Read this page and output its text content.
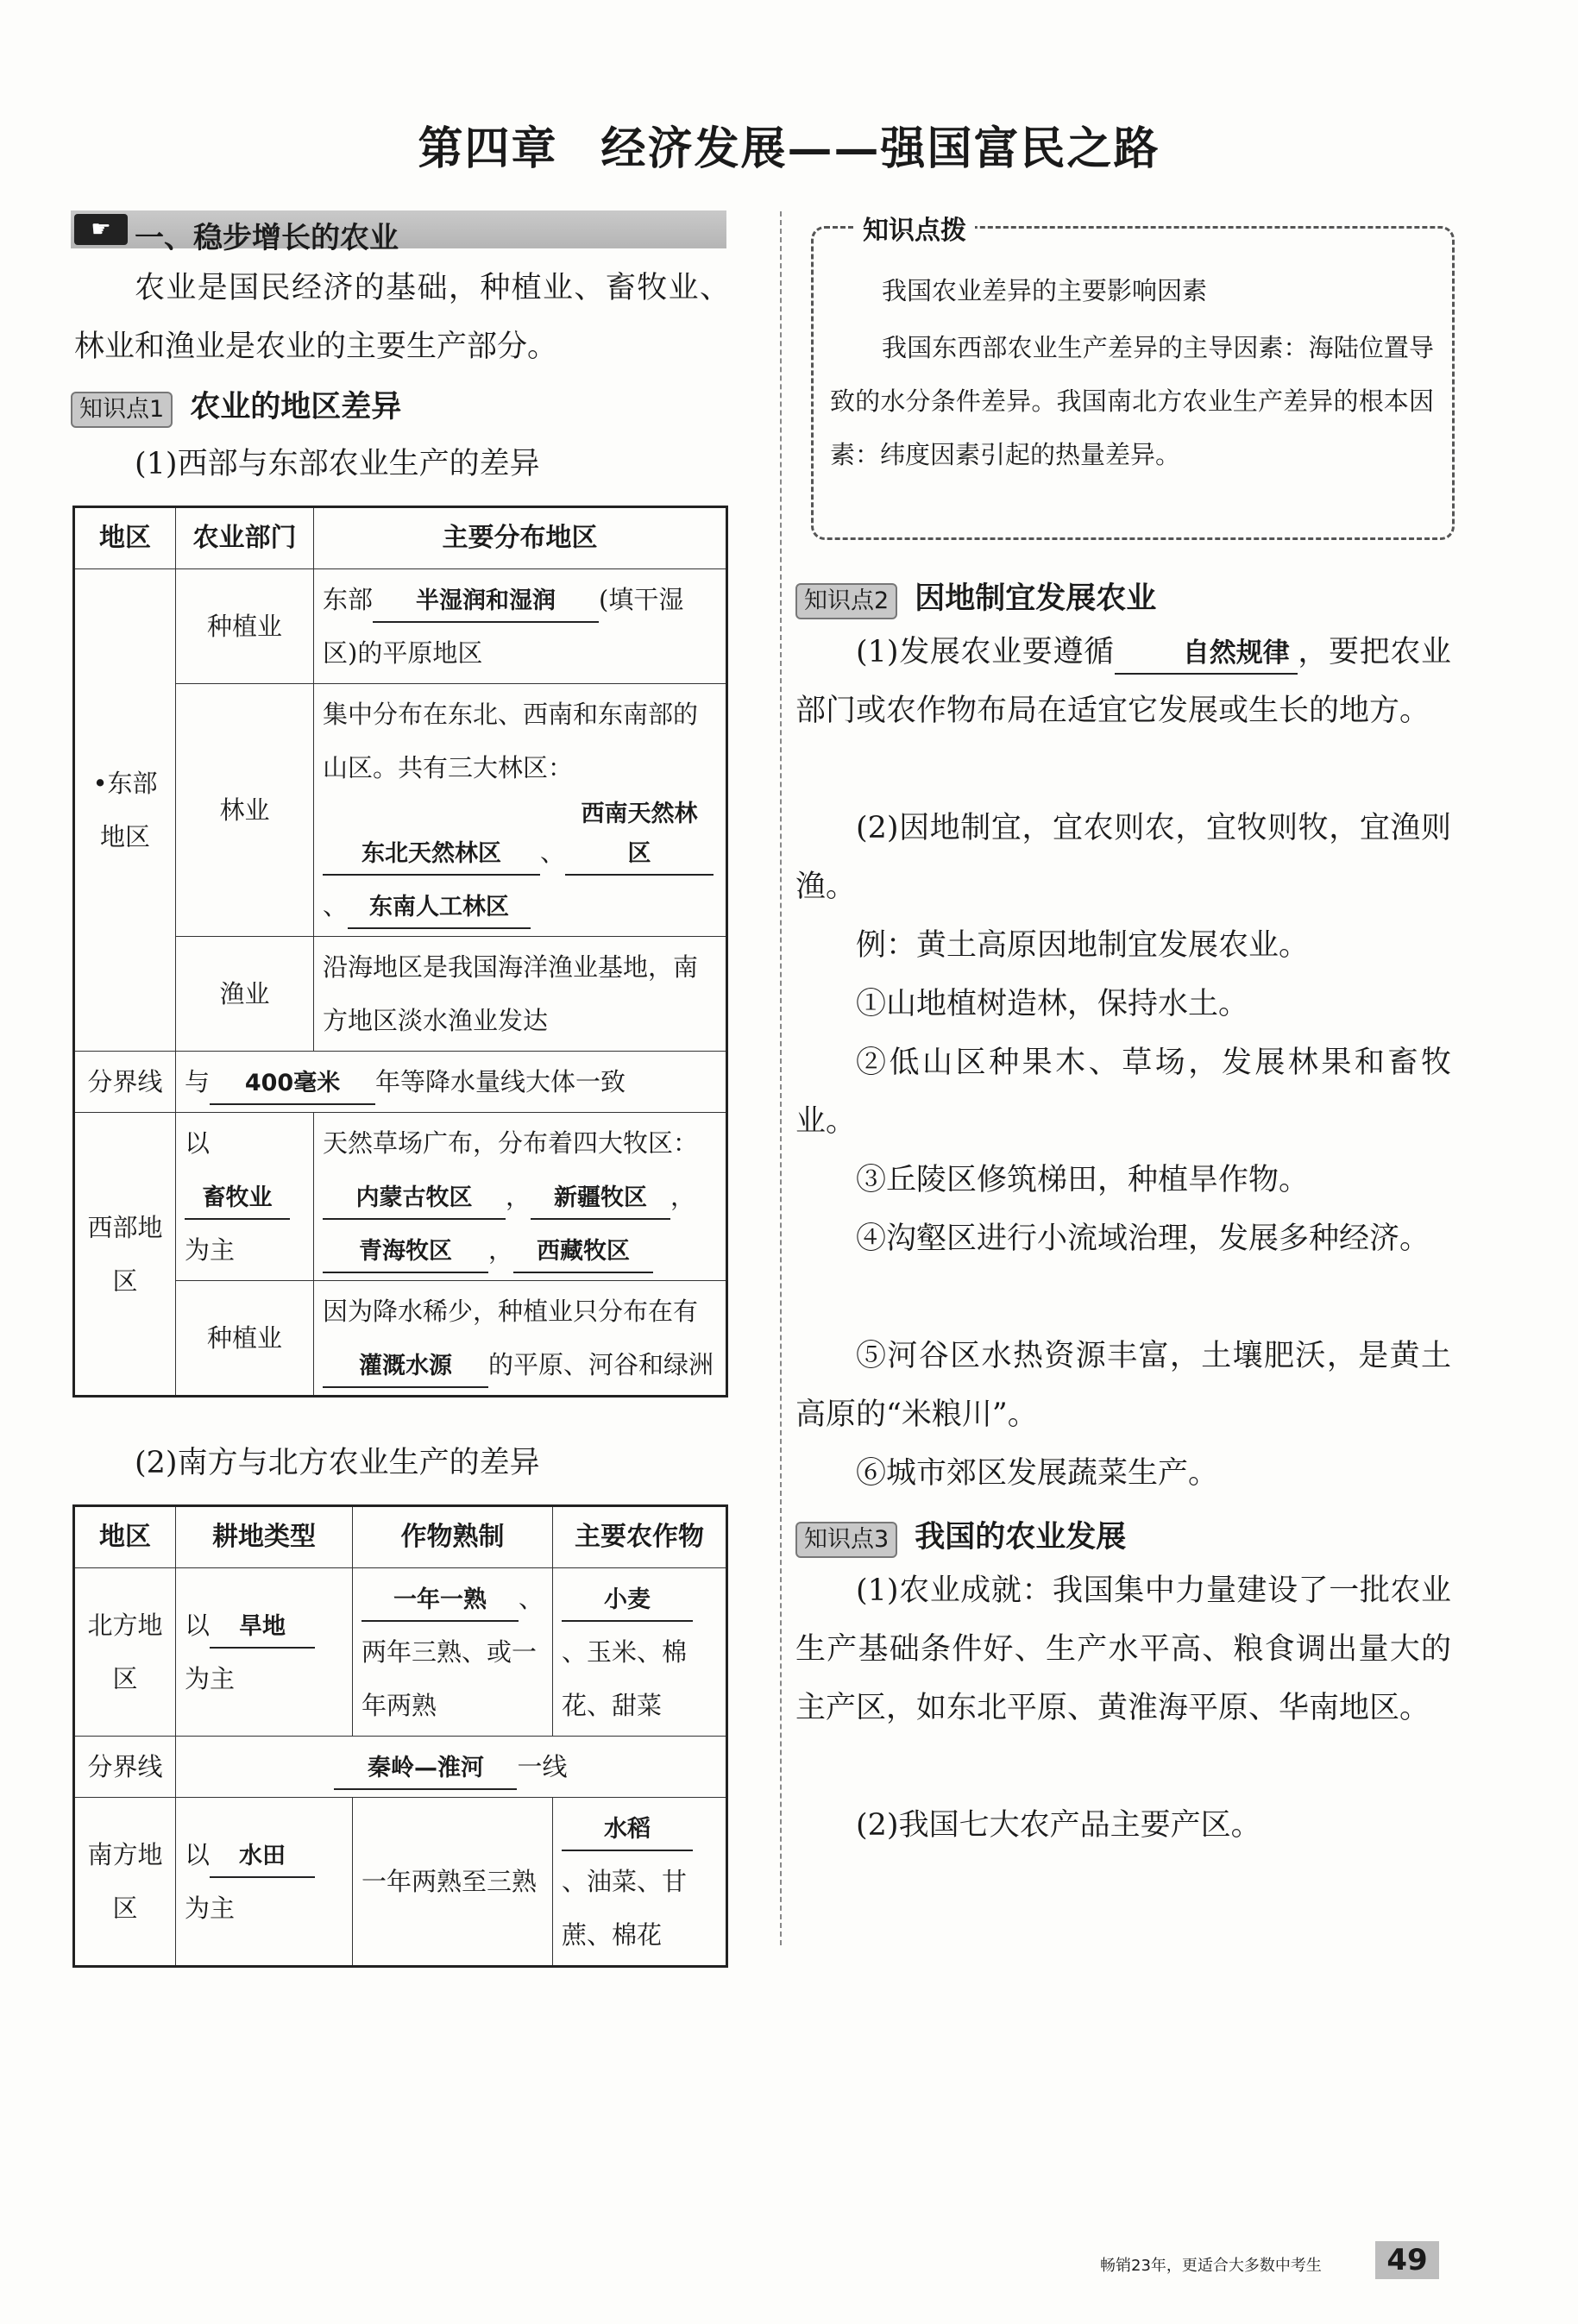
第四章 经济发展——强国富民之路
☛ 一、稳步增长的农业
农业是国民经济的基础，种植业、畜牧业、林业和渔业是农业的主要生产部分。
知识点1 农业的地区差异
(1)西部与东部农业生产的差异
地区	农业部门	主要分布地区
•东部地区	种植业	东部 半湿润和湿润 (填干湿区)的平原地区
	林业	集中分布在东北、西南和东南部的山区。共有三大林区：
东北天然林区 、西南天然林区、 东南人工林区
	渔业	沿海地区是我国海洋渔业基地，南方地区淡水渔业发达
分界线	与 400毫米 年等降水量线大体一致	
西部地区	以
畜牧业
为主	天然草场广布，分布着四大牧区：
内蒙古牧区 ， 新疆牧区 ，青海牧区 ， 西藏牧区
	种植业	因为降水稀少，种植业只分布在有灌溉水源 的平原、河谷和绿洲
(2)南方与北方农业生产的差异
地区	耕地类型	作物熟制	主要农作物
北方地区	以 旱地
为主	一年一熟 、两年三熟、或一年两熟	小麦、玉米、棉花、甜菜
分界线	秦岭—淮河 一线		
南方地区	以 水田
为主	一年两熟至三熟	水稻、油菜、甘蔗、棉花
知识点拨
我国农业差异的主要影响因素
我国东西部农业生产差异的主导因素：海陆位置导致的水分条件差异。我国南北方农业生产差异的根本因素：纬度因素引起的热量差异。
知识点2 因地制宜发展农业
(1)发展农业要遵循	自然规律 ，要把农业部门或农作物布局在适宜它发展或生长的地方。
(2)因地制宜，宜农则农，宜牧则牧，宜渔则渔。
例：黄土高原因地制宜发展农业。
①山地植树造林，保持水土。
②低山区种果木、草场，发展林果和畜牧业。
③丘陵区修筑梯田，种植旱作物。
④沟壑区进行小流域治理，发展多种经济。
⑤河谷区水热资源丰富，土壤肥沃，是黄土高原的“米粮川”。
⑥城市郊区发展蔬菜生产。
知识点3 我国的农业发展
(1)农业成就：我国集中力量建设了一批农业生产基础条件好、生产水平高、粮食调出量大的主产区，如东北平原、黄淮海平原、华南地区。
(2)我国七大农产品主要产区。
畅销23年，更适合大多数中考生	49
